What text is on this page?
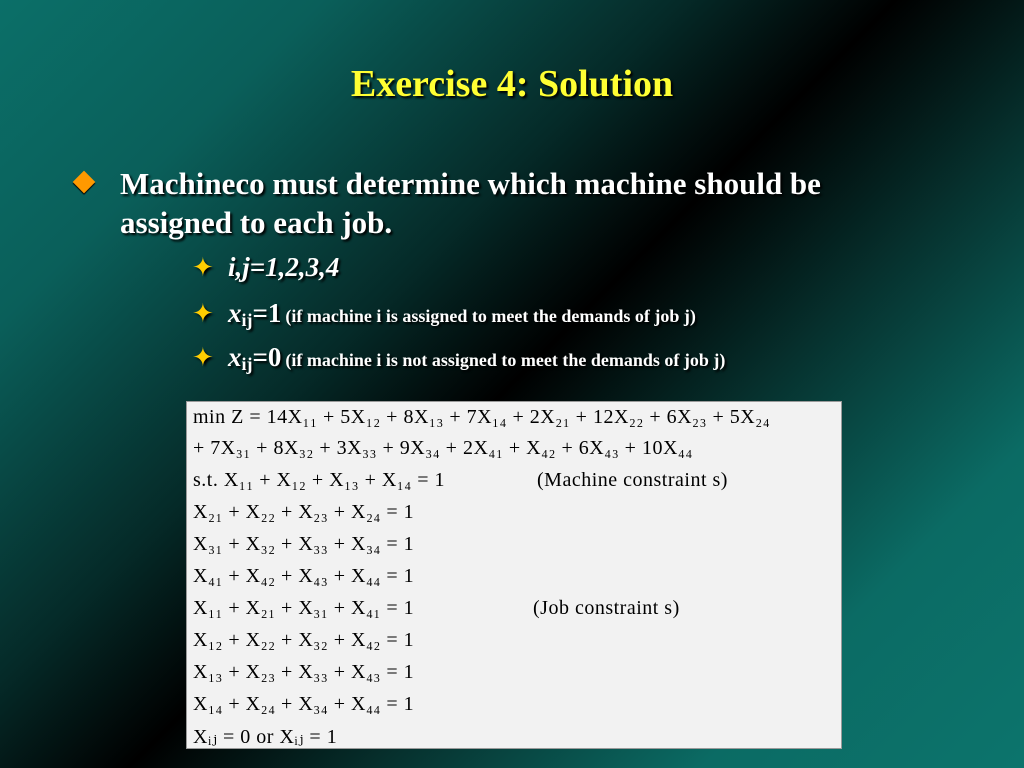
Exercise 4: Solution
Machineco must determine which machine should be assigned to each job.
✦ i,j=1,2,3,4
✦ $x_{ij}=1$ (if machine i is assigned to meet the demands of job j)
✦ $x_{ij}=0$ (if machine i is not assigned to meet the demands of job j)
min Z = 14X₁₁ + 5X₁₂ + 8X₁₃ + 7X₁₄ + 2X₂₁ + 12X₂₂ + 6X₂₃ + 5X₂₄
+ 7X₃₁ + 8X₃₂ + 3X₃₃ + 9X₃₄ + 2X₄₁ + X₄₂ + 6X₄₃ + 10X₄₄
s.t. X₁₁ + X₁₂ + X₁₃ + X₁₄ = 1	(Machine constraint s)
X₂₁ + X₂₂ + X₂₃ + X₂₄ = 1
X₃₁ + X₃₂ + X₃₃ + X₃₄ = 1
X₄₁ + X₄₂ + X₄₃ + X₄₄ = 1
X₁₁ + X₂₁ + X₃₁ + X₄₁ = 1	(Job constraint s)
X₁₂ + X₂₂ + X₃₂ + X₄₂ = 1
X₁₃ + X₂₃ + X₃₃ + X₄₃ = 1
X₁₄ + X₂₄ + X₃₄ + X₄₄ = 1
Xᵢⱼ = 0 or Xᵢⱼ = 1
